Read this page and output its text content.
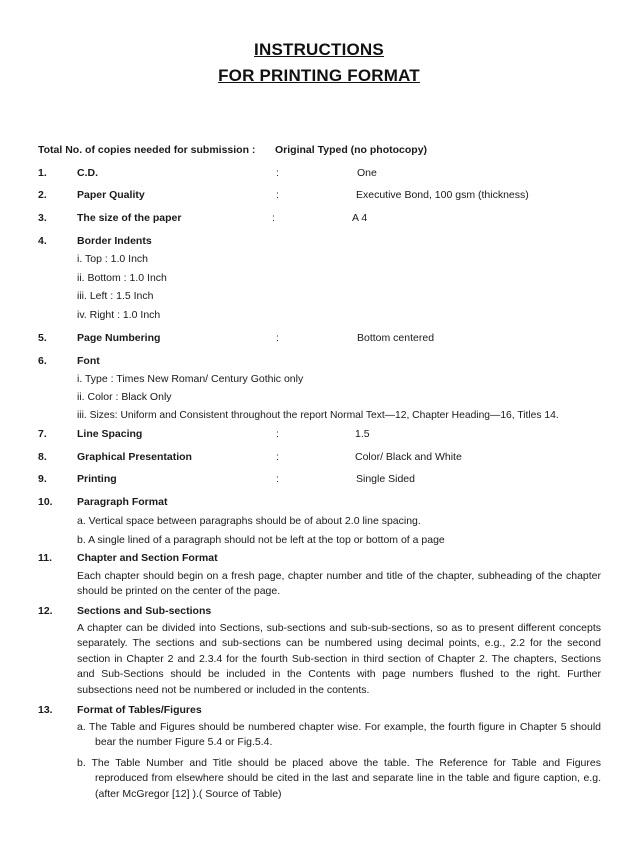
INSTRUCTIONS
FOR PRINTING FORMAT
Total No. of copies needed for submission : Original Typed (no photocopy)
1.	C.D.	:	One
2.	Paper Quality	:	Executive Bond, 100 gsm (thickness)
3.	The size of the paper	:	A 4
4.	Border Indents
i. Top : 1.0 Inch
ii. Bottom : 1.0 Inch
iii. Left : 1.5 Inch
iv. Right : 1.0 Inch
5.	Page Numbering	:	Bottom centered
6.	Font
i. Type : Times New Roman/ Century Gothic only
ii. Color : Black Only
iii. Sizes: Uniform and Consistent throughout the report Normal Text—12, Chapter Heading—16, Titles 14.
7.	Line Spacing	:	1.5
8.	Graphical Presentation	:	Color/ Black and White
9.	Printing	:	Single Sided
10. Paragraph Format
a. Vertical space between paragraphs should be of about 2.0 line spacing.
b. A single lined of a paragraph should not be left at the top or bottom of a page
11. Chapter and Section Format
Each chapter should begin on a fresh page, chapter number and title of the chapter, subheading of the chapter should be printed on the center of the page.
12. Sections and Sub-sections
A chapter can be divided into Sections, sub-sections and sub-sub-sections, so as to present different concepts separately. The sections and sub-sections can be numbered using decimal points, e.g., 2.2 for the second section in Chapter 2 and 2.3.4 for the fourth Sub-section in third section of Chapter 2. The chapters, Sections and Sub-Sections should be included in the Contents with page numbers flushed to the right. Further subsections need not be numbered or included in the contents.
13. Format of Tables/Figures
a. The Table and Figures should be numbered chapter wise. For example, the fourth figure in Chapter 5 should bear the number Figure 5.4 or Fig.5.4.
b. The Table Number and Title should be placed above the table. The Reference for Table and Figures reproduced from elsewhere should be cited in the last and separate line in the table and figure caption, e.g. (after McGregor [12] ).( Source of Table)
